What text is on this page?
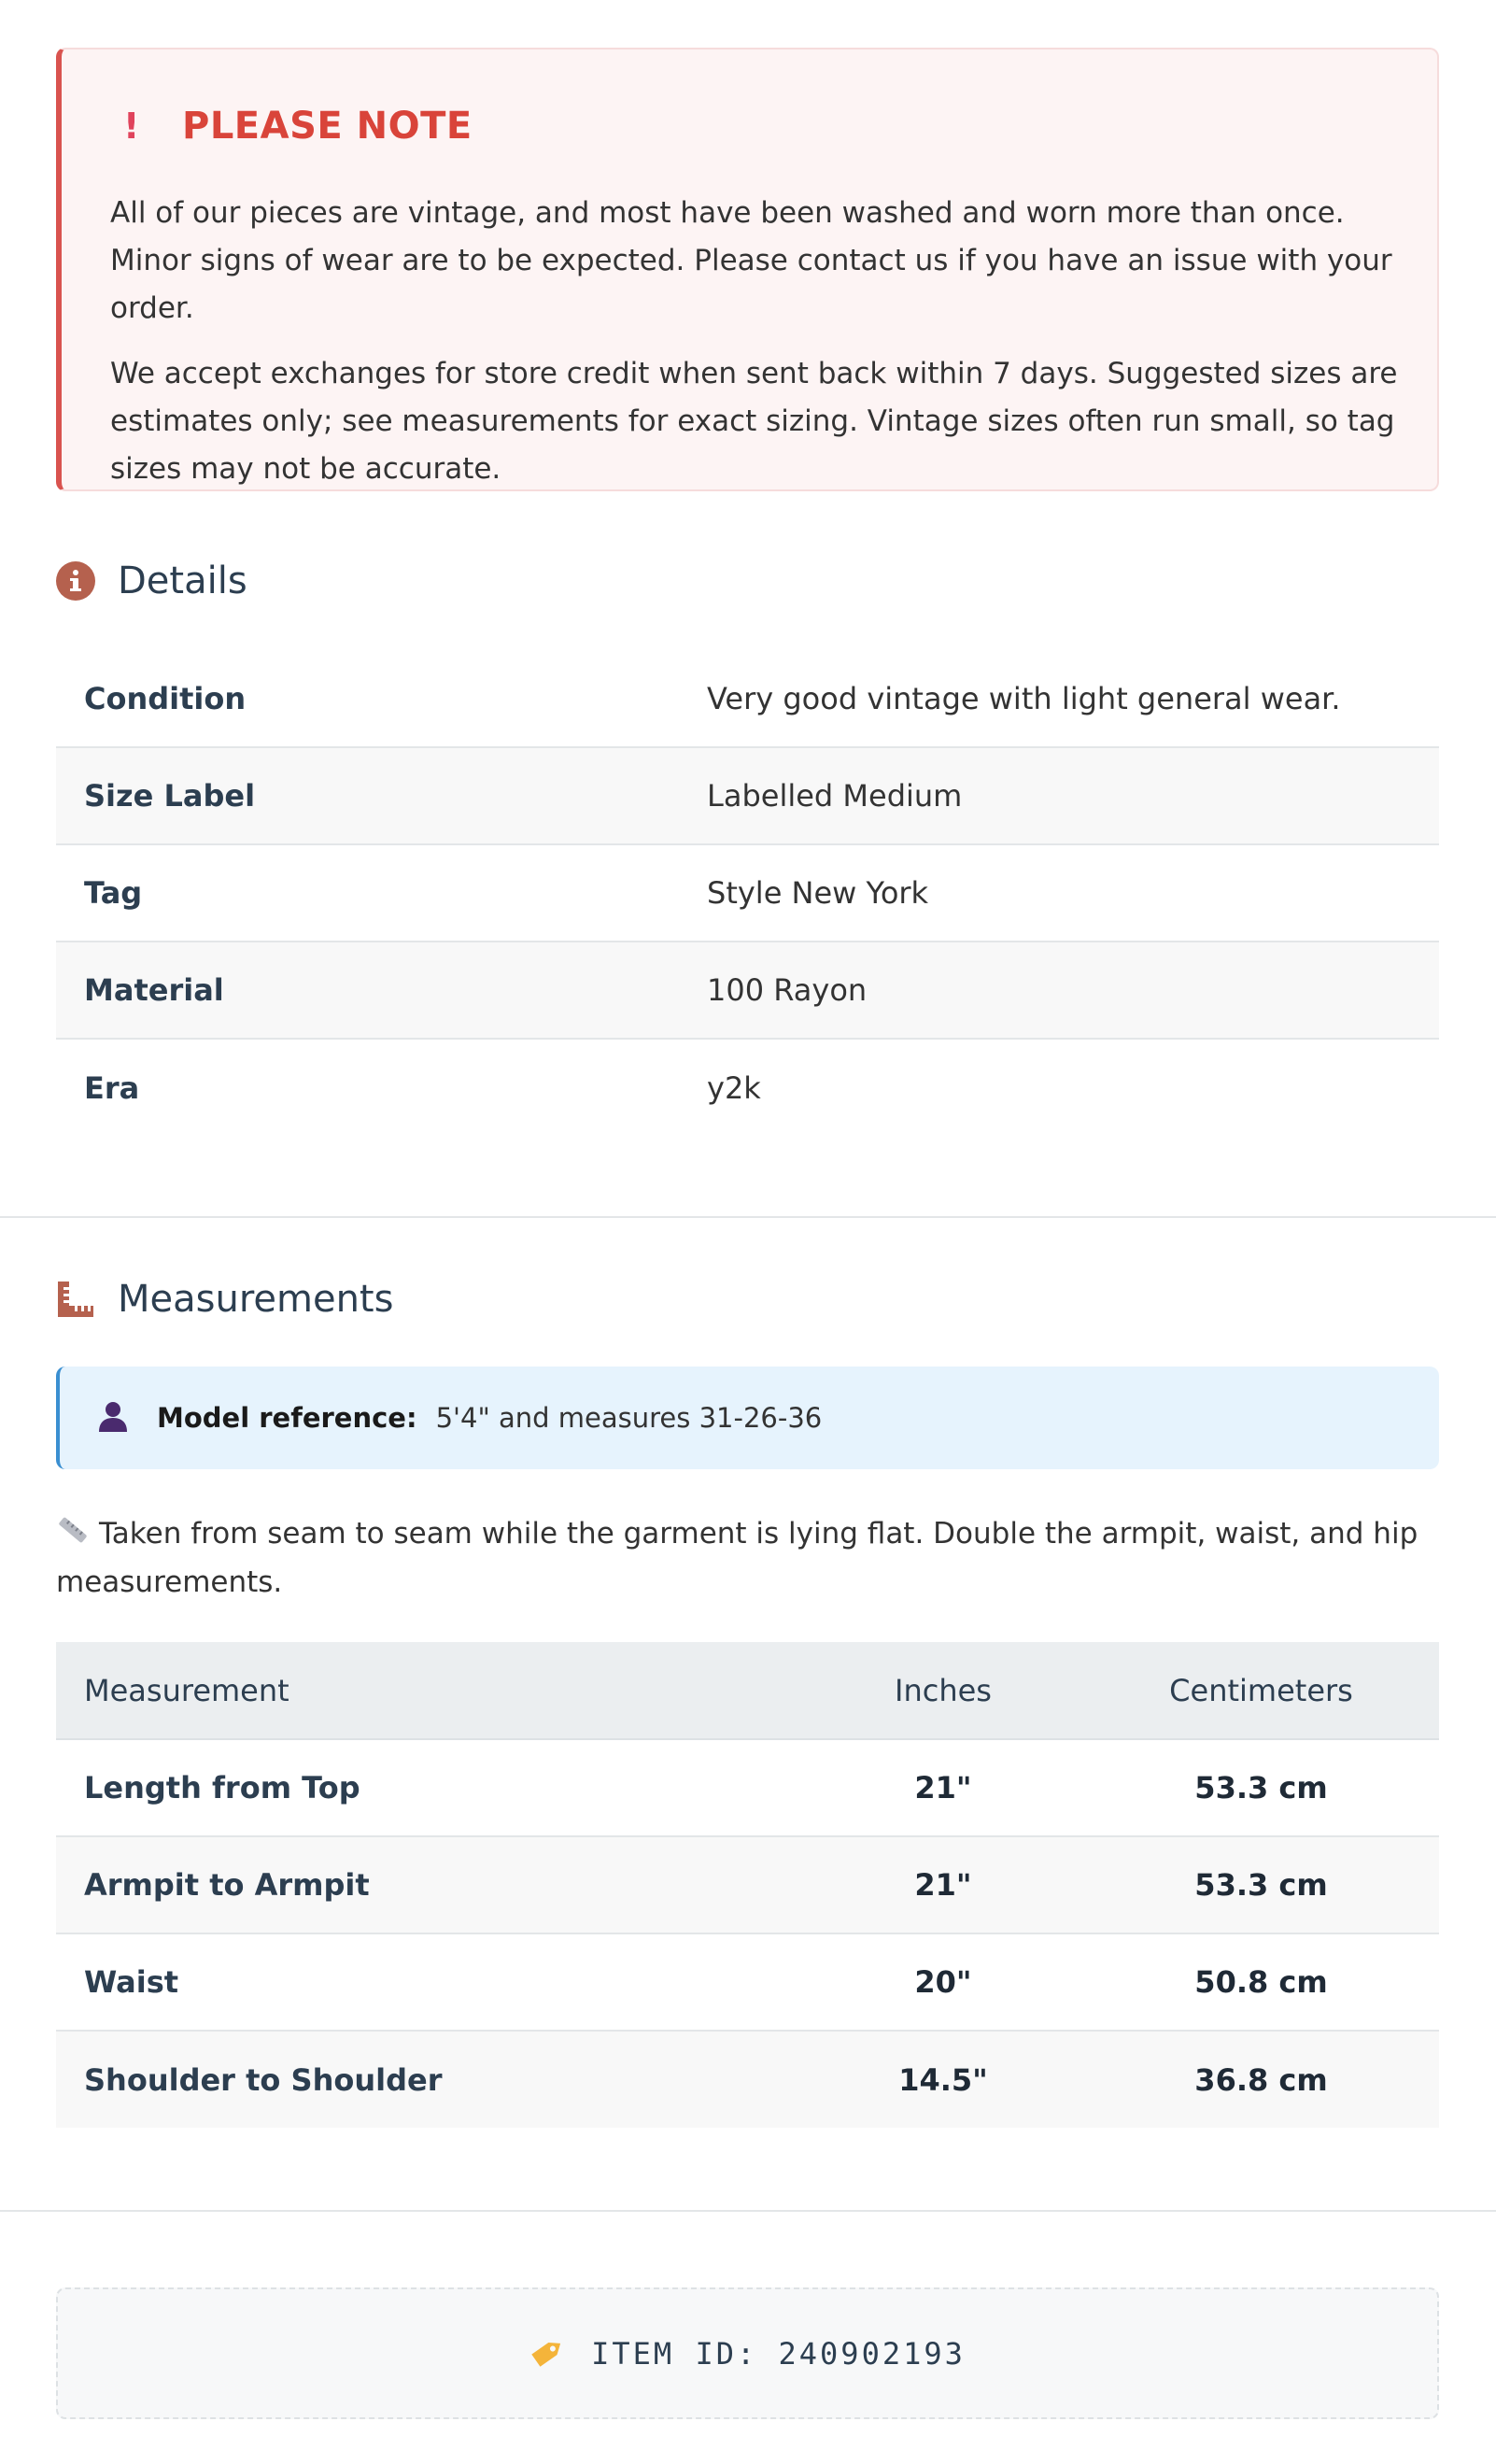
All of our pieces are vintage, and most have been washed and worn more than once. Minor signs of wear are to be expected. Please contact us if you have an issue with your order.

We accept exchanges for store credit when sent back within 7 days. Suggested sizes are estimates only; see measurements for exact sizing. Vintage sizes often run small, so tag sizes may not be accurate.

!	PLEASE NOTE
Details
Condition	Very good vintage with light general wear.
Size Label	Labelled Medium
Tag	Style New York
Material	100 Rayon
Era	y2k
Measurements
Model reference: 5'4" and measures 31-26-36
Taken from seam to seam while the garment is lying flat. Double the armpit, waist, and hip measurements.
Measurement	Inches	Centimeters
Length from Top	21"	53.3 cm
Armpit to Armpit	21"	53.3 cm
Waist	20"	50.8 cm
Shoulder to Shoulder	14.5"	36.8 cm
ITEM ID: 240902193
